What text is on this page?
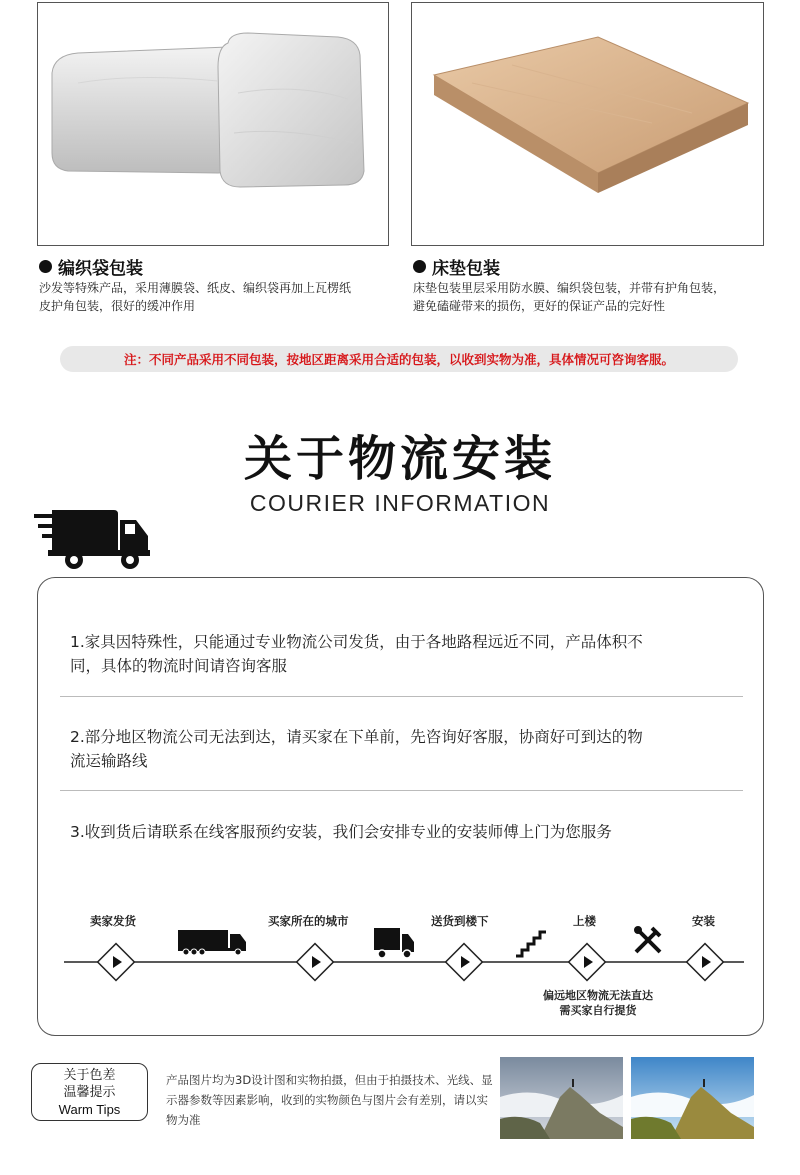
编织袋包装
沙发等特殊产品，采用薄膜袋、纸皮、编织袋再加上瓦楞纸
皮护角包装，很好的缓冲作用
床垫包装
床垫包装里层采用防水膜、编织袋包装，并带有护角包装，
避免磕碰带来的损伤，更好的保证产品的完好性
注：不同产品采用不同包装，按地区距离采用合适的包装，以收到实物为准，具体情况可咨询客服。
关于物流安装
COURIER INFORMATION
1.家具因特殊性，只能通过专业物流公司发货，由于各地路程远近不同，产品体积不
同，具体的物流时间请咨询客服
2.部分地区物流公司无法到达，请买家在下单前，先咨询好客服，协商好可到达的物
流运输路线
3.收到货后请联系在线客服预约安装，我们会安排专业的安装师傅上门为您服务
卖家发货	买家所在的城市	送货到楼下	上楼	安装
偏远地区物流无法直达
需买家自行提货
关于色差
温馨提示
Warm Tips
产品图片均为3D设计图和实物拍摄，但由于拍摄技术、光线、显示器参数等因素影响，收到的实物颜色与图片会有差别，请以实物为准
